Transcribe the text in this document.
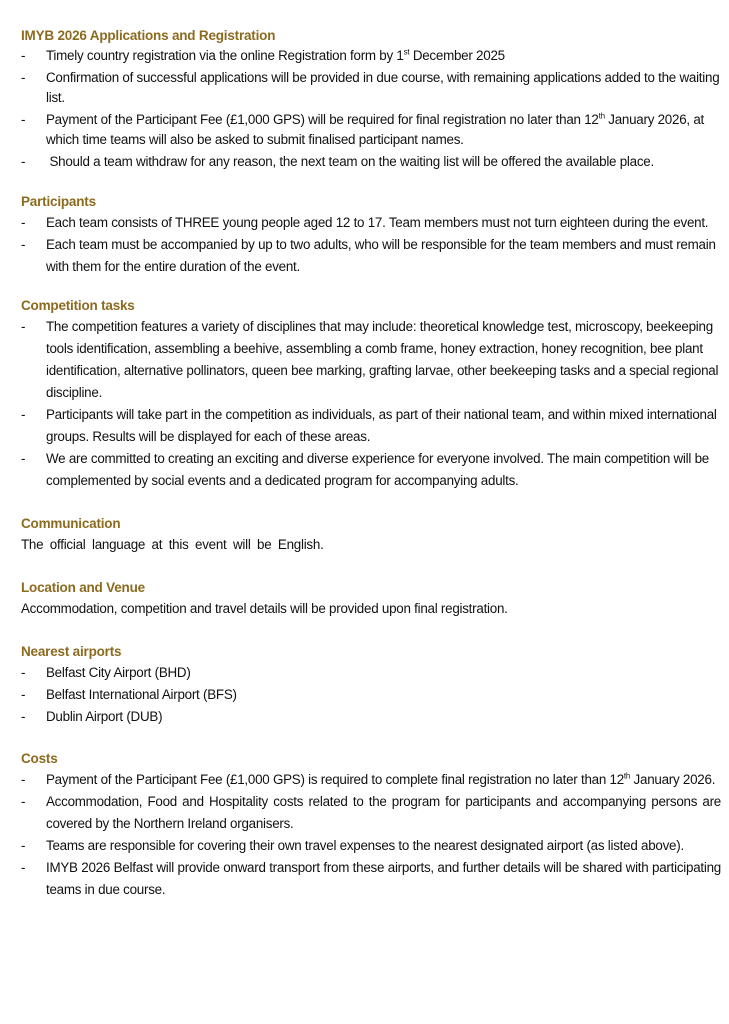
IMYB 2026 Applications and Registration
- Timely country registration via the online Registration form by 1st December 2025
- Confirmation of successful applications will be provided in due course, with remaining applications added to the waiting list.
- Payment of the Participant Fee (£1,000 GPS) will be required for final registration no later than 12th January 2026, at which time teams will also be asked to submit finalised participant names.
- Should a team withdraw for any reason, the next team on the waiting list will be offered the available place.
Participants
- Each team consists of THREE young people aged 12 to 17. Team members must not turn eighteen during the event.
- Each team must be accompanied by up to two adults, who will be responsible for the team members and must remain with them for the entire duration of the event.
Competition tasks
- The competition features a variety of disciplines that may include: theoretical knowledge test, microscopy, beekeeping tools identification, assembling a beehive, assembling a comb frame, honey extraction, honey recognition, bee plant identification, alternative pollinators, queen bee marking, grafting larvae, other beekeeping tasks and a special regional discipline.
- Participants will take part in the competition as individuals, as part of their national team, and within mixed international groups. Results will be displayed for each of these areas.
- We are committed to creating an exciting and diverse experience for everyone involved. The main competition will be complemented by social events and a dedicated program for accompanying adults.
Communication
The official language at this event will be English.
Location and Venue
Accommodation, competition and travel details will be provided upon final registration.
Nearest airports
- Belfast City Airport (BHD)
- Belfast International Airport (BFS)
- Dublin Airport (DUB)
Costs
- Payment of the Participant Fee (£1,000 GPS) is required to complete final registration no later than 12th January 2026.
- Accommodation, Food and Hospitality costs related to the program for participants and accompanying persons are covered by the Northern Ireland organisers.
- Teams are responsible for covering their own travel expenses to the nearest designated airport (as listed above).
- IMYB 2026 Belfast will provide onward transport from these airports, and further details will be shared with participating teams in due course.
